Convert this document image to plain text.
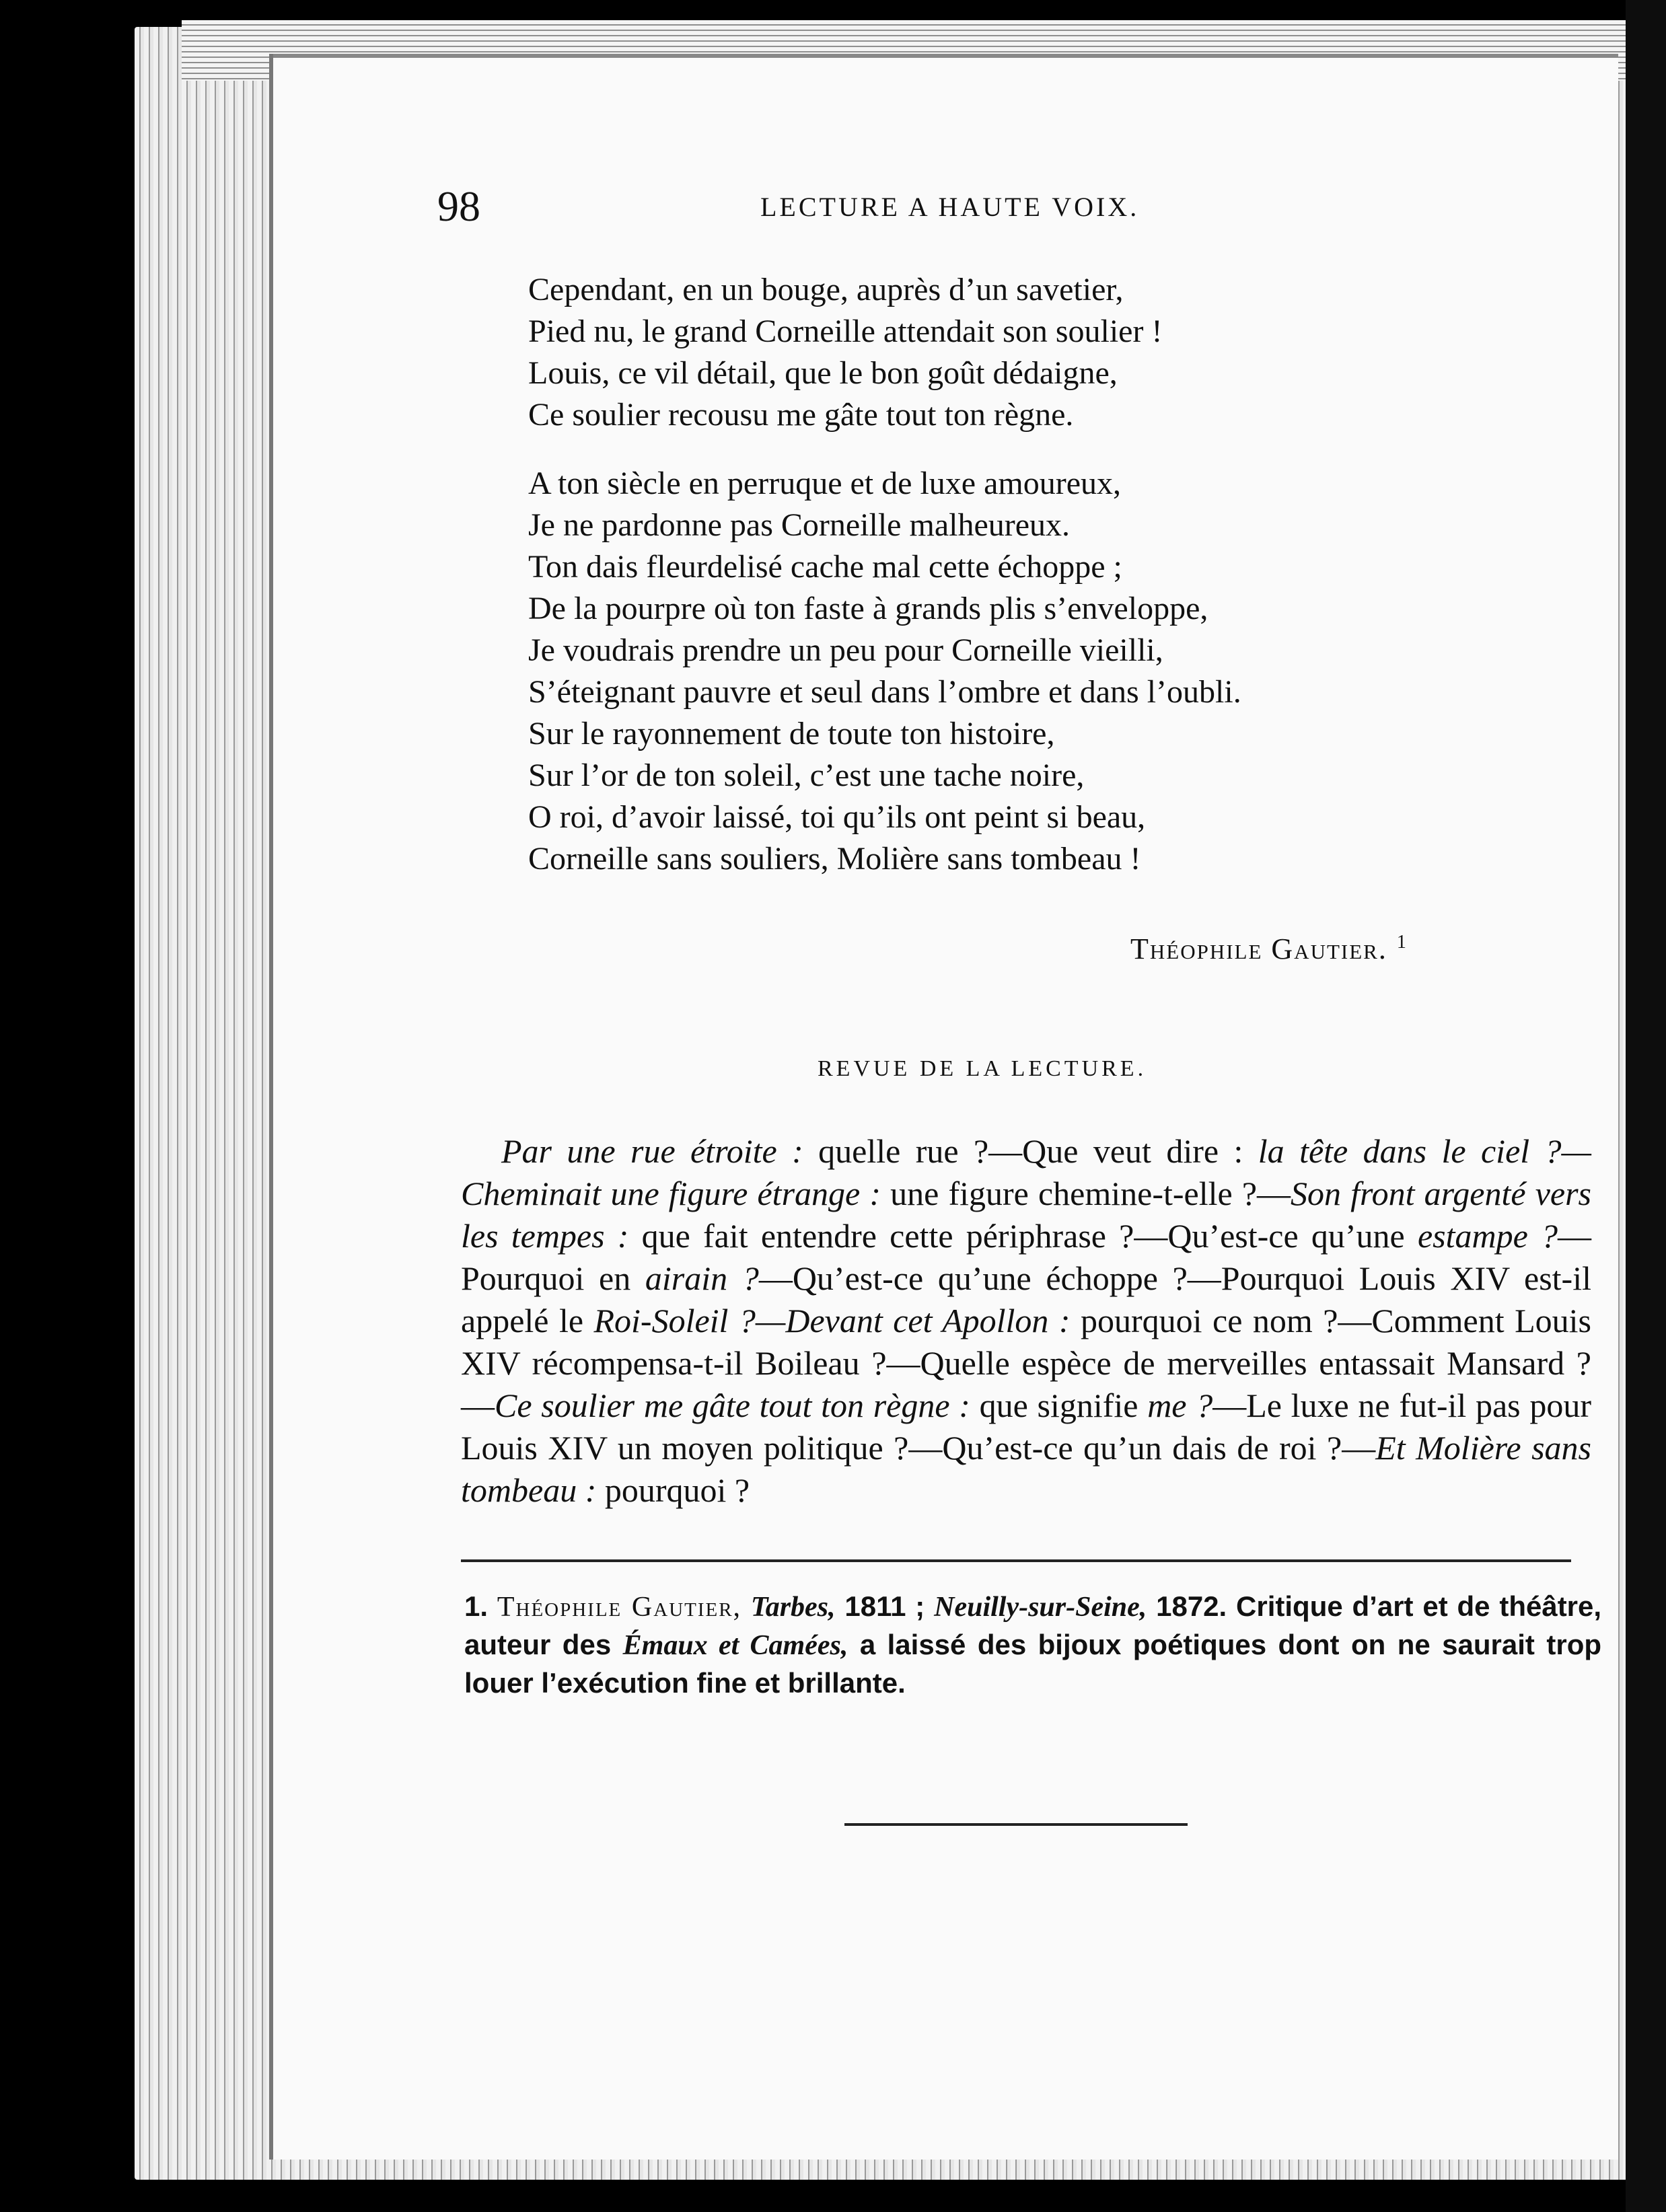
98	LECTURE A HAUTE VOIX.

Cependant, en un bouge, auprès d’un savetier,

Pied nu, le grand Corneille attendait son soulier !

Louis, ce vil détail, que le bon goût dédaigne,

Ce soulier recousu me gâte tout ton règne.

A ton siècle en perruque et de luxe amoureux,

Je ne pardonne pas Corneille malheureux.

Ton dais fleurdelisé cache mal cette échoppe ;

De la pourpre où ton faste à grands plis s’enveloppe,

Je voudrais prendre un peu pour Corneille vieilli,

S’éteignant pauvre et seul dans l’ombre et dans l’oubli.

Sur le rayonnement de toute ton histoire,

Sur l’or de ton soleil, c’est une tache noire,

O roi, d’avoir laissé, toi qu’ils ont peint si beau,

Corneille sans souliers, Molière sans tombeau !

Théophile Gautier. $^1$
REVUE DE LA LECTURE.
Par une rue étroite : quelle rue ?—Que veut dire : la tête dans le ciel ?—Cheminait une figure étrange : une figure chemine-t-elle ?—Son front argenté vers les tempes : que fait entendre cette périphrase ?—Qu’est-ce qu’une estampe ?—Pourquoi en airain ?—Qu’est-ce qu’une échoppe ?—Pourquoi Louis XIV est-il appelé le Roi-Soleil ?—Devant cet Apollon : pourquoi ce nom ?—Comment Louis XIV récompensa-t-il Boileau ?—Quelle espèce de merveilles entassait Mansard ?—Ce soulier me gâte tout ton règne : que signifie me ?—Le luxe ne fut-il pas pour Louis XIV un moyen politique ?—Qu’est-ce qu’un dais de roi ?—Et Molière sans tombeau : pourquoi ?
1. Théophile Gautier, Tarbes, 1811 ; Neuilly-sur-Seine, 1872. Critique d’art et de théâtre, auteur des Émaux et Camées, a laissé des bijoux poétiques dont on ne saurait trop louer l’exécution fine et brillante.
